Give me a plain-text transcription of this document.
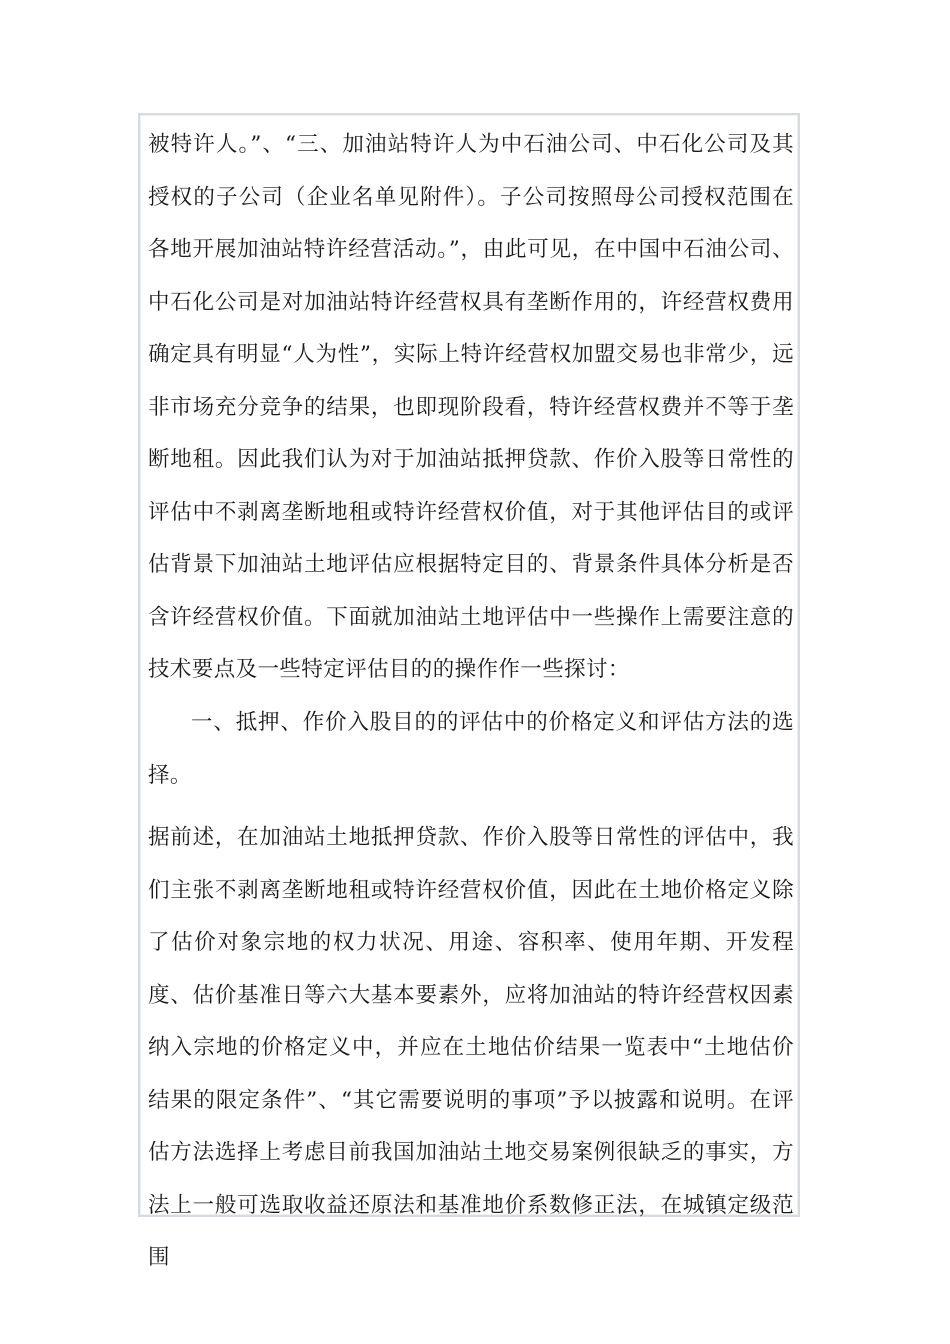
被特许人。”、“三、加油站特许人为中石油公司、中石化公司及其授权的子公司（企业名单见附件）。子公司按照母公司授权范围在各地开展加油站特许经营活动。”，由此可见，在中国中石油公司、中石化公司是对加油站特许经营权具有垄断作用的，许经营权费用确定具有明显“人为性”，实际上特许经营权加盟交易也非常少，远非市场充分竞争的结果，也即现阶段看，特许经营权费并不等于垄断地租。因此我们认为对于加油站抵押贷款、作价入股等日常性的评估中不剥离垄断地租或特许经营权价值，对于其他评估目的或评估背景下加油站土地评估应根据特定目的、背景条件具体分析是否含许经营权价值。下面就加油站土地评估中一些操作上需要注意的技术要点及一些特定评估目的的操作作一些探讨：

一、抵押、作价入股目的的评估中的价格定义和评估方法的选择。

据前述，在加油站土地抵押贷款、作价入股等日常性的评估中，我们主张不剥离垄断地租或特许经营权价值，因此在土地价格定义除了估价对象宗地的权力状况、用途、容积率、使用年期、开发程度、估价基准日等六大基本要素外，应将加油站的特许经营权因素纳入宗地的价格定义中，并应在土地估价结果一览表中“土地估价结果的限定条件”、“其它需要说明的事项”予以披露和说明。在评估方法选择上考虑目前我国加油站土地交易案例很缺乏的事实，方法上一般可选取收益还原法和基准地价系数修正法，在城镇定级范围
